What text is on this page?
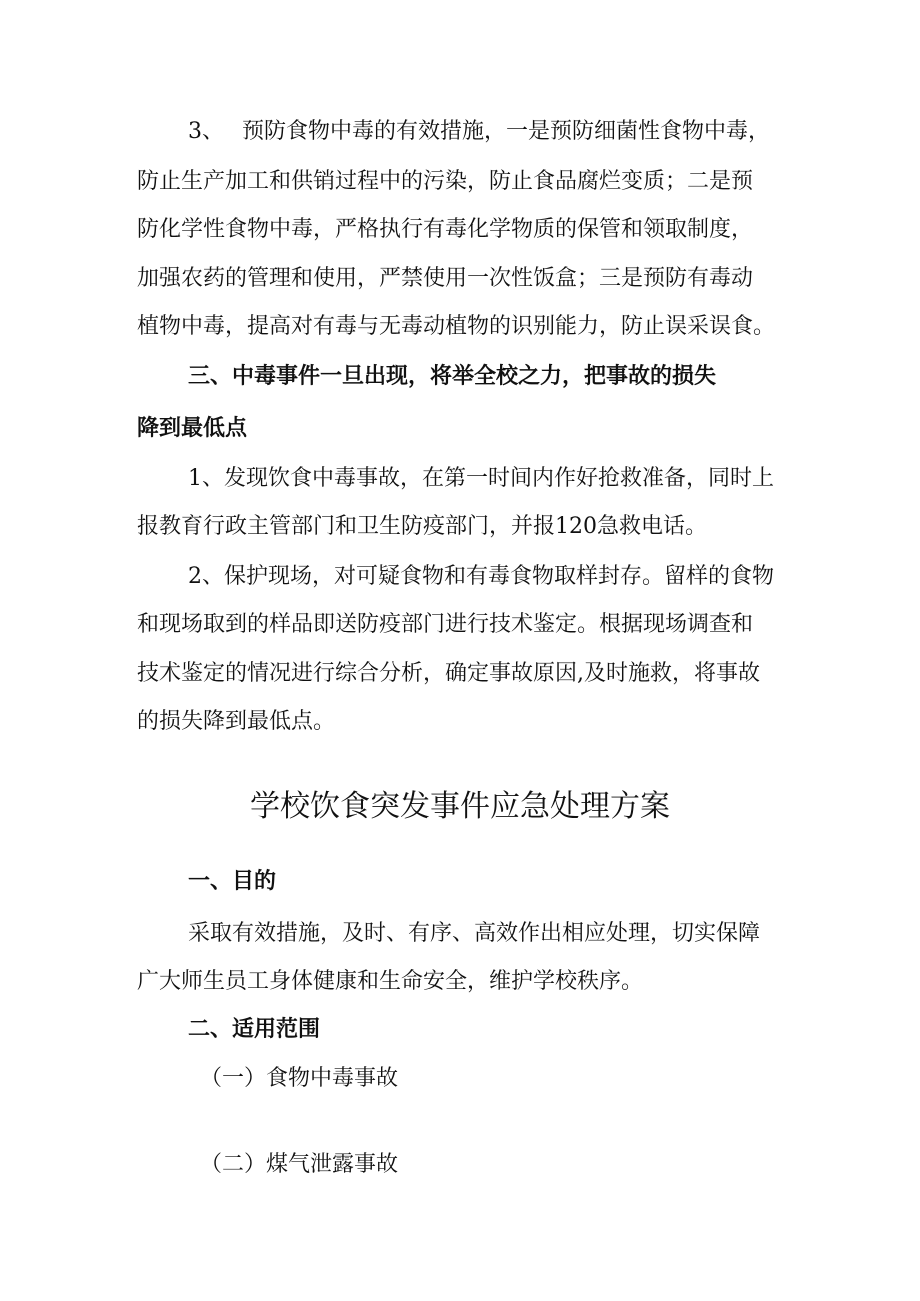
3、　 预防食物中毒的有效措施，一是预防细菌性食物中毒，
防止生产加工和供销过程中的污染，防止食品腐烂变质；二是预
防化学性食物中毒，严格执行有毒化学物质的保管和领取制度，
加强农药的管理和使用，严禁使用一次性饭盒；三是预防有毒动
植物中毒，提高对有毒与无毒动植物的识别能力，防止误采误食。
三、中毒事件一旦出现，将举全校之力，把事故的损失
降到最低点
1、发现饮食中毒事故，在第一时间内作好抢救准备，同时上
报教育行政主管部门和卫生防疫部门，并报120急救电话。
2、保护现场，对可疑食物和有毒食物取样封存。留样的食物
和现场取到的样品即送防疫部门进行技术鉴定。根据现场调查和
技术鉴定的情况进行综合分析，确定事故原因,及时施救，将事故
的损失降到最低点。
学校饮食突发事件应急处理方案
一、目的
采取有效措施，及时、有序、高效作出相应处理，切实保障
广大师生员工身体健康和生命安全，维护学校秩序。
二、适用范围
（一）食物中毒事故
（二）煤气泄露事故
